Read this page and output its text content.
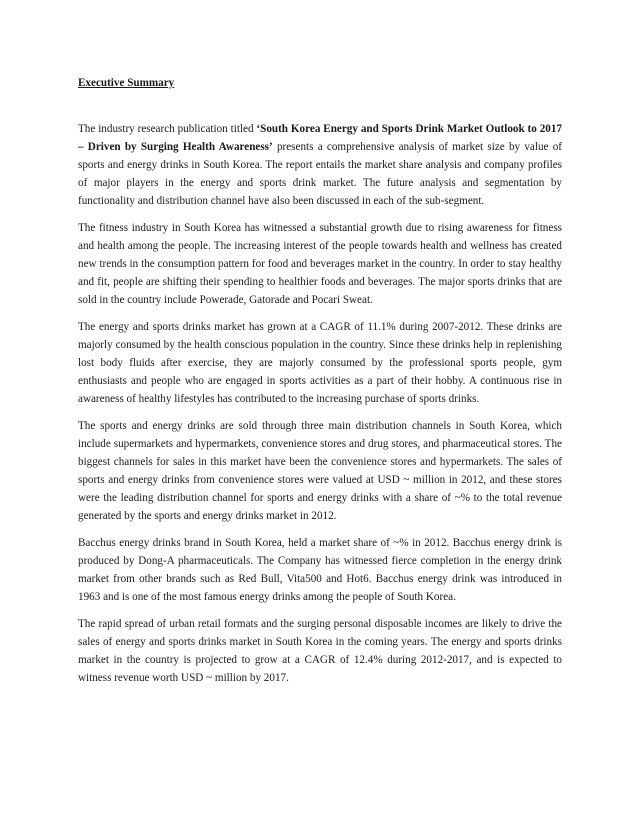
Executive Summary

The industry research publication titled ‘South Korea Energy and Sports Drink Market Outlook to 2017 – Driven by Surging Health Awareness’ presents a comprehensive analysis of market size by value of sports and energy drinks in South Korea. The report entails the market share analysis and company profiles of major players in the energy and sports drink market. The future analysis and segmentation by functionality and distribution channel have also been discussed in each of the sub-segment.

The fitness industry in South Korea has witnessed a substantial growth due to rising awareness for fitness and health among the people. The increasing interest of the people towards health and wellness has created new trends in the consumption pattern for food and beverages market in the country. In order to stay healthy and fit, people are shifting their spending to healthier foods and beverages. The major sports drinks that are sold in the country include Powerade, Gatorade and Pocari Sweat.

The energy and sports drinks market has grown at a CAGR of 11.1% during 2007-2012. These drinks are majorly consumed by the health conscious population in the country. Since these drinks help in replenishing lost body fluids after exercise, they are majorly consumed by the professional sports people, gym enthusiasts and people who are engaged in sports activities as a part of their hobby. A continuous rise in awareness of healthy lifestyles has contributed to the increasing purchase of sports drinks.

The sports and energy drinks are sold through three main distribution channels in South Korea, which include supermarkets and hypermarkets, convenience stores and drug stores, and pharmaceutical stores. The biggest channels for sales in this market have been the convenience stores and hypermarkets. The sales of sports and energy drinks from convenience stores were valued at USD ~ million in 2012, and these stores were the leading distribution channel for sports and energy drinks with a share of ~% to the total revenue generated by the sports and energy drinks market in 2012.

Bacchus energy drinks brand in South Korea, held a market share of ~% in 2012. Bacchus energy drink is produced by Dong-A pharmaceuticals. The Company has witnessed fierce completion in the energy drink market from other brands such as Red Bull, Vita500 and Hot6. Bacchus energy drink was introduced in 1963 and is one of the most famous energy drinks among the people of South Korea.

The rapid spread of urban retail formats and the surging personal disposable incomes are likely to drive the sales of energy and sports drinks market in South Korea in the coming years. The energy and sports drinks market in the country is projected to grow at a CAGR of 12.4% during 2012-2017, and is expected to witness revenue worth USD ~ million by 2017.
